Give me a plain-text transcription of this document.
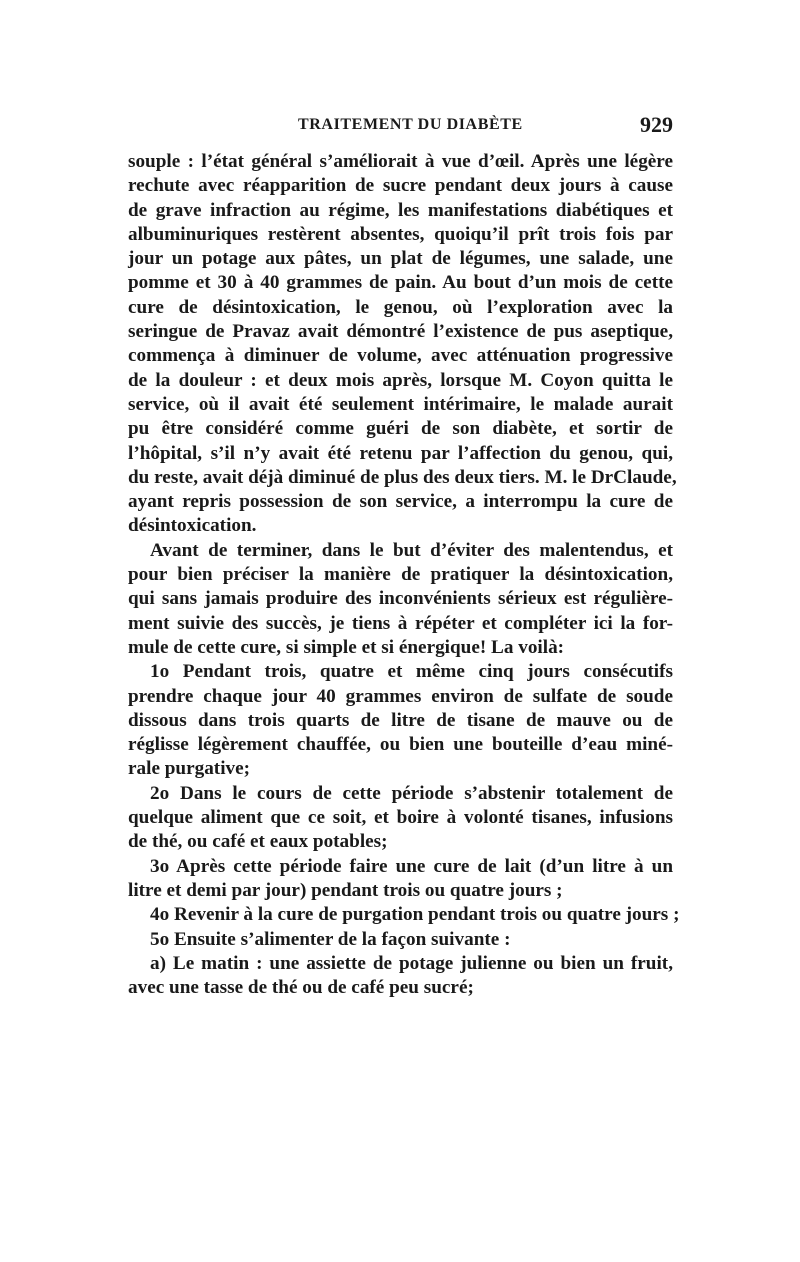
TRAITEMENT DU DIABÈTE	929
souple : l’état général s’améliorait à vue d’œil. Après une légère
rechute avec réapparition de sucre pendant deux jours à cause
de grave infraction au régime, les manifestations diabétiques et
albuminuriques restèrent absentes, quoiqu’il prît trois fois par
jour un potage aux pâtes, un plat de légumes, une salade, une
pomme et 30 à 40 grammes de pain. Au bout d’un mois de cette
cure de désintoxication, le genou, où l’exploration avec la
seringue de Pravaz avait démontré l’existence de pus aseptique,
commença à diminuer de volume, avec atténuation progressive
de la douleur : et deux mois après, lorsque M. Coyon quitta le
service, où il avait été seulement intérimaire, le malade aurait
pu être considéré comme guéri de son diabète, et sortir de
l’hôpital, s’il n’y avait été retenu par l’affection du genou, qui,
du reste, avait déjà diminué de plus des deux tiers. M. le DrClaude,
ayant repris possession de son service, a interrompu la cure de
désintoxication.
Avant de terminer, dans le but d’éviter des malentendus, et
pour bien préciser la manière de pratiquer la désintoxication,
qui sans jamais produire des inconvénients sérieux est régulière-
ment suivie des succès, je tiens à répéter et compléter ici la for-
mule de cette cure, si simple et si énergique! La voilà:
1o Pendant trois, quatre et même cinq jours consécutifs
prendre chaque jour 40 grammes environ de sulfate de soude
dissous dans trois quarts de litre de tisane de mauve ou de
réglisse légèrement chauffée, ou bien une bouteille d’eau miné-
rale purgative;
2o Dans le cours de cette période s’abstenir totalement de
quelque aliment que ce soit, et boire à volonté tisanes, infusions
de thé, ou café et eaux potables;
3o Après cette période faire une cure de lait (d’un litre à un
litre et demi par jour) pendant trois ou quatre jours ;
4o Revenir à la cure de purgation pendant trois ou quatre jours ;
5o Ensuite s’alimenter de la façon suivante :
a) Le matin : une assiette de potage julienne ou bien un fruit,
avec une tasse de thé ou de café peu sucré;
